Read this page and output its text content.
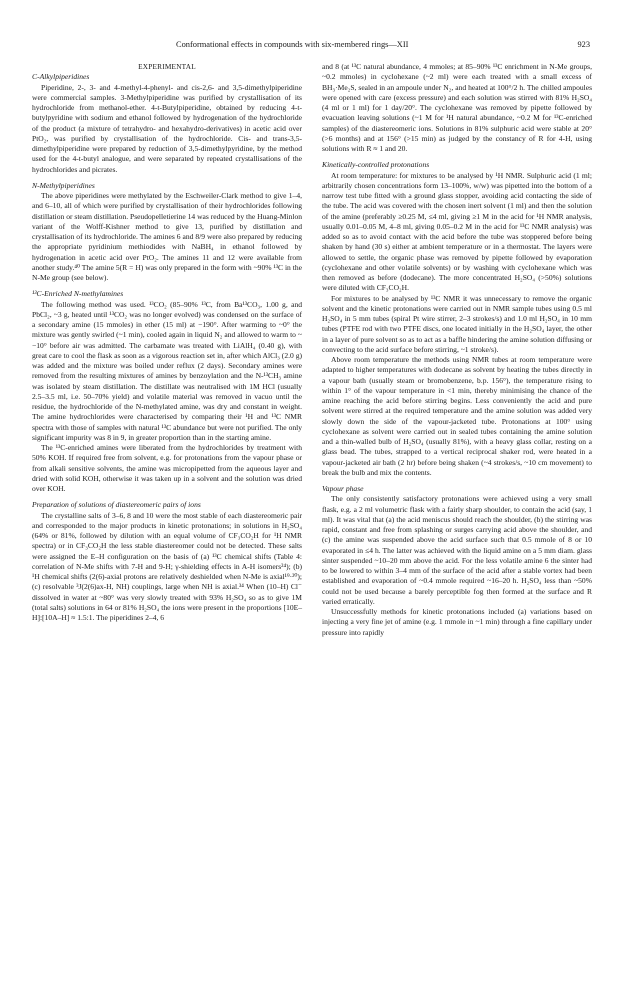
Conformational effects in compounds with six-membered rings—XII	923
EXPERIMENTAL
C-Alkylpiperidines

Piperidine, 2-, 3- and 4-methyl-4-phenyl- and cis-2,6- and 3,5-dimethylpiperidine were commercial samples. 3-Methylpiperidine was purified by crystallisation of its hydrochloride from methanol-ether. 4-t-Butylpiperidine, obtained by reducing 4-t-butylpyridine with sodium and ethanol followed by hydrogenation of the hydrochloride of the product (a mixture of tetrahydro- and hexahydro-derivatives) in acetic acid over PtO₂, was purified by crystallisation of the hydrochloride. Cis- and trans-3,5-dimethylpiperidine were prepared by reduction of 3,5-dimethylpyridine, by the method used for the 4-t-butyl analogue, and were separated by repeated crystallisations of the hydrochlorides and picrates.

N-Methylpiperidines

The above piperidines were methylated by the Eschweiler-Clark method to give 1–4, and 6–10, all of which were purified by crystallisation of their hydrochlorides following distillation or steam distillation. Pseudopelletierine 14 was reduced by the Huang-Minlon variant of the Wolff-Kishner method to give 13, purified by distillation and crystallisation of its hydrochloride. The amines 6 and 8/9 were also prepared by reducing the appropriate pyridinium methiodides with NaBH₄ in ethanol followed by hydrogenation in acetic acid over PtO₂. The amines 11 and 12 were available from another study.⁴⁰ The amine 5(R = H) was only prepared in the form with ~90% ¹³C in the N-Me group (see below).

¹³C-Enriched N-methylamines

The following method was used. ¹³CO₂ (85–90% ¹³C, from Ba¹³CO₃, 1.00 g, and PbCl₂, ~3 g, heated until ¹³CO₂ was no longer evolved) was condensed on the surface of a secondary amine (15 mmoles) in ether (15 ml) at −190°. After warming to ~0° the mixture was gently swirled (~1 min), cooled again in liquid N₂ and allowed to warm to ~ −10° before air was admitted. The carbamate was treated with LiAlH₄ (0.40 g), with great care to cool the flask as soon as a vigorous reaction set in, after which AlCl₃ (2.0 g) was added and the mixture was boiled under reflux (2 days). Secondary amines were removed from the resulting mixtures of amines by benzoylation and the N-¹³CH₃ amine was isolated by steam distillation. The distillate was neutralised with 1M HCl (usually 2.5–3.5 ml, i.e. 50–70% yield) and volatile material was removed in vacuo until the residue, the hydrochloride of the N-methylated amine, was dry and constant in weight. The amine hydrochlorides were characterised by comparing their ¹H and ¹³C NMR spectra with those of samples with natural ¹³C abundance but were not purified. The only significant impurity was 8 in 9, in greater proportion than in the starting amine.

The ¹³C-enriched amines were liberated from the hydrochlorides by treatment with 50% KOH. If required free from solvent, e.g. for protonations from the vapour phase or from alkali sensitive solvents, the amine was micropipetted from the aqueous layer and dried with solid KOH, otherwise it was taken up in a solvent and the solution was dried over KOH.

Preparation of solutions of diastereomeric pairs of ions

The crystalline salts of 3–6, 8 and 10 were the most stable of each diastereomeric pair and corresponded to the major products in kinetic protonations; in solutions in H₂SO₄ (64% or 81%, followed by dilution with an equal volume of CF₃CO₂H for ¹H NMR spectra) or in CF₃CO₂H the less stable diastereomer could not be detected. These salts were assigned the E–H configuration on the basis of (a) ¹³C chemical shifts (Table 4: correlation of N-Me shifts with 7-H and 9-H; γ-shielding effects in A-H isomers²⁴); (b) ¹H chemical shifts (2(6)-axial protons are relatively deshielded when N-Me is axial¹⁹·²⁰); (c) resolvable ³J(2(6)ax-H, NH) couplings, large when NH is axial.³⁴ When (10–H) Cl⁻ dissolved in water at ~80° was very slowly treated with 93% H₂SO₄ so as to give 1M (total salts) solutions in 64 or 81% H₂SO₄ the ions were present in the proportions [10E–H]:[10A–H] ≈ 1.5:1. The piperidines 2–4, 6

and 8 (at ¹³C natural abundance, 4 mmoles; at 85–90% ¹³C enrichment in N-Me groups, ~0.2 mmoles) in cyclohexane (~2 ml) were each treated with a small excess of BH₃·Me₂S, sealed in an ampoule under N₂, and heated at 100°/2 h. The chilled ampoules were opened with care (excess pressure) and each solution was stirred with 81% H₂SO₄ (4 ml or 1 ml) for 1 day/20°. The cyclohexane was removed by pipette followed by evacuation leaving solutions (~1 M for ¹H natural abundance, ~0.2 M for ¹³C-enriched samples) of the diastereomeric ions. Solutions in 81% sulphuric acid were stable at 20° (>6 months) and at 156° (>15 min) as judged by the constancy of R for 4-H, using solutions with R ≈ 1 and 20.

Kinetically-controlled protonations

At room temperature: for mixtures to be analysed by ¹H NMR. Sulphuric acid (1 ml; arbitrarily chosen concentrations form 13–100%, w/w) was pipetted into the bottom of a narrow test tube fitted with a ground glass stopper, avoiding acid contacting the side of the tube. The acid was covered with the chosen inert solvent (1 ml) and then the solution of the amine (preferably ≥0.25 M, ≤4 ml, giving ≥1 M in the acid for ¹H NMR analysis, usually 0.01–0.05 M, 4–8 ml, giving 0.05–0.2 M in the acid for ¹³C NMR analysis) was added so as to avoid contact with the acid before the tube was stoppered before being shaken by hand (30 s) either at ambient temperature or in a thermostat. The layers were allowed to settle, the organic phase was removed by pipette followed by evaporation (cyclohexane and other volatile solvents) or by washing with cyclohexane which was then removed as before (dodecane). The more concentrated H₂SO₄ (>50%) solutions were diluted with CF₃CO₂H.

For mixtures to be analysed by ¹³C NMR it was unnecessary to remove the organic solvent and the kinetic protonations were carried out in NMR sample tubes using 0.5 ml H₂SO₄ in 5 mm tubes (spiral Pt wire stirrer, 2–3 strokes/s) and 1.0 ml H₂SO₄ in 10 mm tubes (PTFE rod with two PTFE discs, one located initially in the H₂SO₄ layer, the other in a layer of pure solvent so as to act as a baffle hindering the amine solution diffusing or convecting to the acid surface before stirring, ~1 stroke/s).

Above room temperature the methods using NMR tubes at room temperature were adapted to higher temperatures with dodecane as solvent by heating the tubes directly in a vapour bath (usually steam or bromobenzene, b.p. 156°), the temperature rising to within 1° of the vapour temperature in <1 min, thereby minimising the chance of the amine reaching the acid before stirring begins. Less conveniently the acid and pure solvent were stirred at the required temperature and the amine solution was added very slowly down the side of the vapour-jacketed tube. Protonations at 100° using cyclohexane as solvent were carried out in sealed tubes containing the amine solution and a thin-walled bulb of H₂SO₄ (usually 81%), with a heavy glass collar, resting on a glass bead. The tubes, strapped to a vertical reciprocal shaker rod, were heated in a vapour-jacketed air bath (2 hr) before being shaken (~4 strokes/s, ~10 cm movement) to break the bulb and mix the contents.

Vapour phase

The only consistently satisfactory protonations were achieved using a very small flask, e.g. a 2 ml volumetric flask with a fairly sharp shoulder, to contain the acid (say, 1 ml). It was vital that (a) the acid meniscus should reach the shoulder, (b) the stirring was rapid, constant and free from splashing or surges carrying acid above the shoulder, and (c) the amine was suspended above the acid surface such that 0.5 mmole of 8 or 10 evaporated in ≤4 h. The latter was achieved with the liquid amine on a 5 mm diam. glass sinter suspended ~10–20 mm above the acid. For the less volatile amine 6 the sinter had to be lowered to within 3–4 mm of the surface of the acid after a stable vortex had been established and evaporation of ~0.4 mmole required ~16–20 h. H₂SO₄ less than ~50% could not be used because a barely perceptible fog then formed at the surface and R varied erratically.

Unsuccessfully methods for kinetic protonations included (a) variations based on injecting a very fine jet of amine (e.g. 1 mmole in ~1 min) through a fine capillary under pressure into rapidly
